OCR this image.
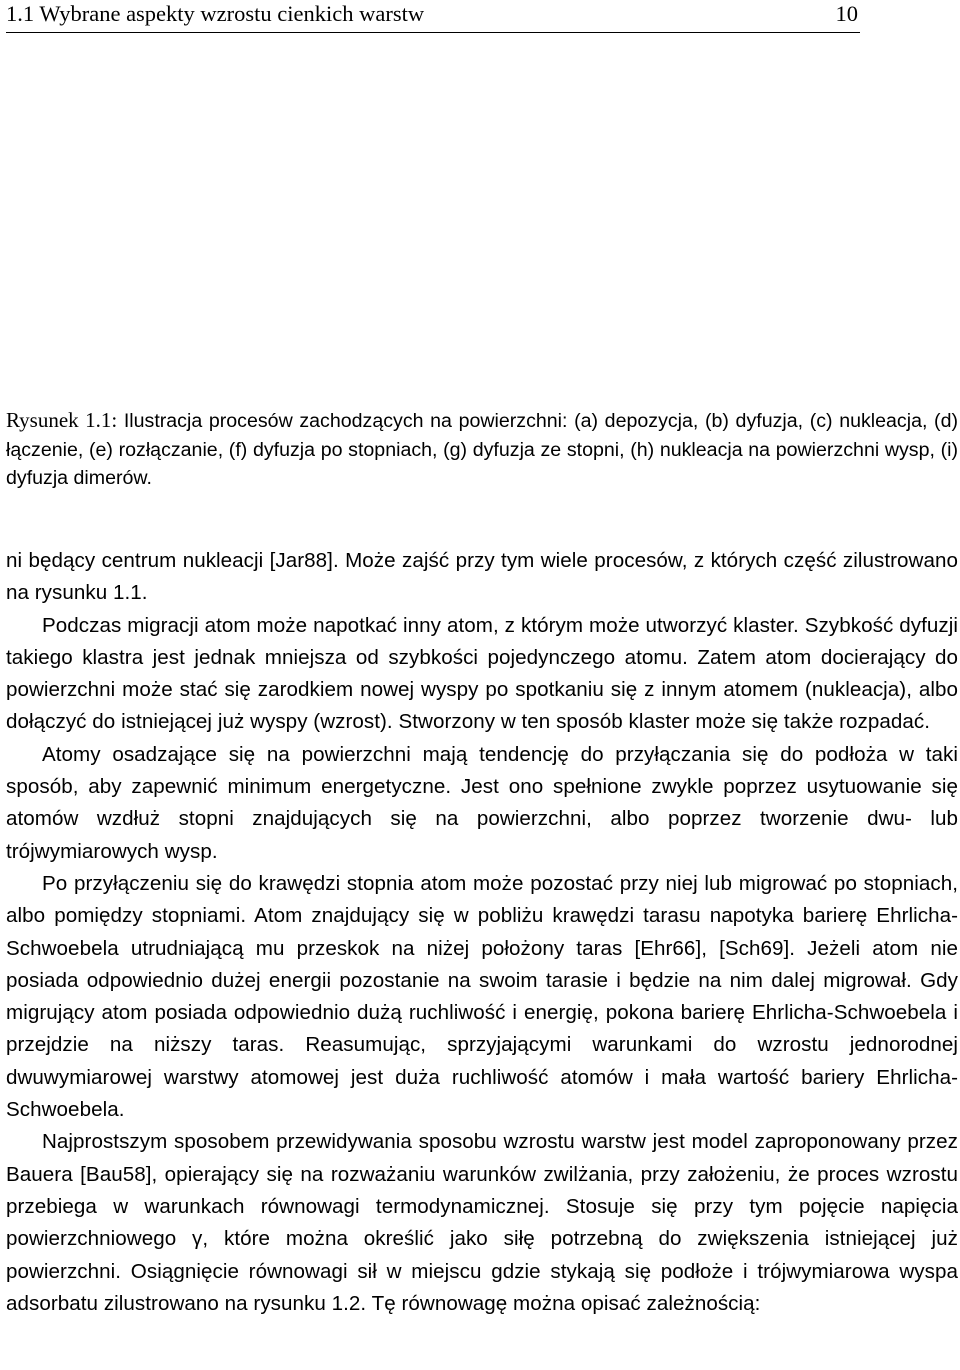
1.1 Wybrane aspekty wzrostu cienkich warstw	10
Rysunek 1.1: Ilustracja procesów zachodzących na powierzchni: (a) depozycja, (b) dyfuzja, (c) nukleacja, (d) łączenie, (e) rozłączanie, (f) dyfuzja po stopniach, (g) dyfuzja ze stopni, (h) nukleacja na powierzchni wysp, (i) dyfuzja dimerów.

ni będący centrum nukleacji [Jar88]. Może zajść przy tym wiele procesów, z których część zilustrowano na rysunku 1.1.

Podczas migracji atom może napotkać inny atom, z którym może utworzyć klaster. Szybkość dyfuzji takiego klastra jest jednak mniejsza od szybkości pojedynczego atomu. Zatem atom docierający do powierzchni może stać się zarodkiem nowej wyspy po spotkaniu się z innym atomem (nukleacja), albo dołączyć do istniejącej już wyspy (wzrost). Stworzony w ten sposób klaster może się także rozpadać.

Atomy osadzające się na powierzchni mają tendencję do przyłączania się do podłoża w taki sposób, aby zapewnić minimum energetyczne. Jest ono spełnione zwykle poprzez usytuowanie się atomów wzdłuż stopni znajdujących się na powierzchni, albo poprzez tworzenie dwu- lub trójwymiarowych wysp.

Po przyłączeniu się do krawędzi stopnia atom może pozostać przy niej lub migrować po stopniach, albo pomiędzy stopniami. Atom znajdujący się w pobliżu krawędzi tarasu napotyka barierę Ehrlicha-Schwoebela utrudniającą mu przeskok na niżej położony taras [Ehr66], [Sch69]. Jeżeli atom nie posiada odpowiednio dużej energii pozostanie na swoim tarasie i będzie na nim dalej migrował. Gdy migrujący atom posiada odpowiednio dużą ruchliwość i energię, pokona barierę Ehrlicha-Schwoebela i przejdzie na niższy taras. Reasumując, sprzyjającymi warunkami do wzrostu jednorodnej dwuwymiarowej warstwy atomowej jest duża ruchliwość atomów i mała wartość bariery Ehrlicha-Schwoebela.

Najprostszym sposobem przewidywania sposobu wzrostu warstw jest model zaproponowany przez Bauera [Bau58], opierający się na rozważaniu warunków zwilżania, przy założeniu, że proces wzrostu przebiega w warunkach równowagi termodynamicznej. Stosuje się przy tym pojęcie napięcia powierzchniowego γ, które można określić jako siłę potrzebną do zwiększenia istniejącej już powierzchni. Osiągnięcie równowagi sił w miejscu gdzie stykają się podłoże i trójwymiarowa wyspa adsorbatu zilustrowano na rysunku 1.2. Tę równowagę można opisać zależnością:
